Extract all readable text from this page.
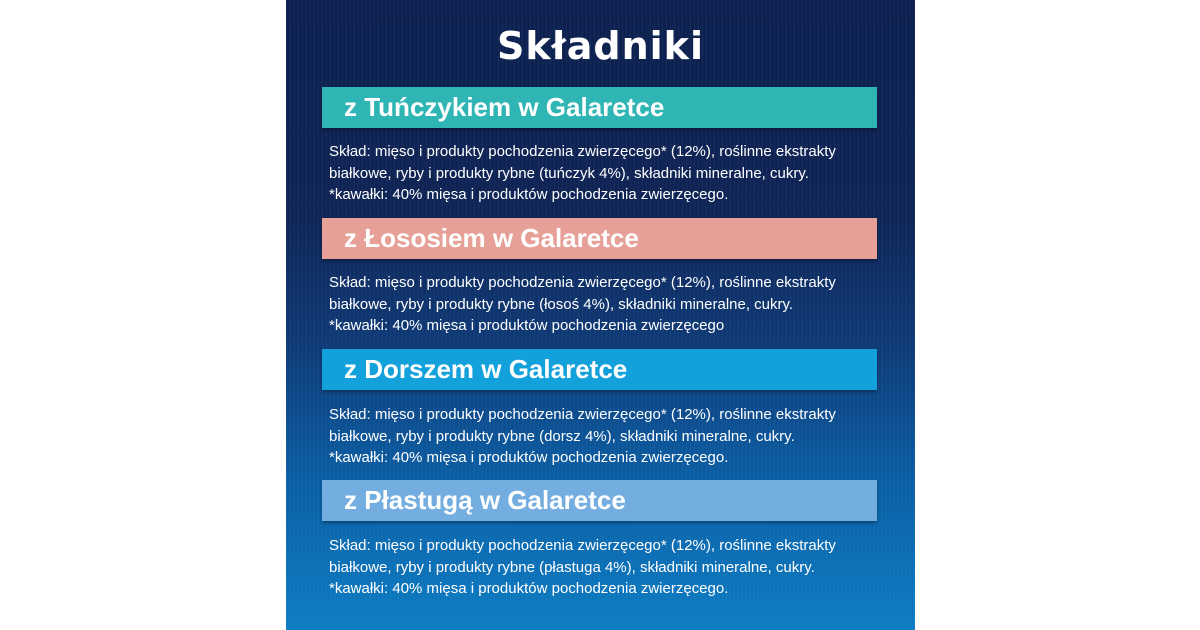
Składniki
z Tuńczykiem w Galaretce

Skład: mięso i produkty pochodzenia zwierzęcego* (12%), roślinne ekstrakty

białkowe, ryby i produkty rybne (tuńczyk 4%), składniki mineralne, cukry.

*kawałki: 40% mięsa i produktów pochodzenia zwierzęcego.

z Łososiem w Galaretce

Skład: mięso i produkty pochodzenia zwierzęcego* (12%), roślinne ekstrakty

białkowe, ryby i produkty rybne (łosoś 4%), składniki mineralne, cukry.

*kawałki: 40% mięsa i produktów pochodzenia zwierzęcego

z Dorszem w Galaretce

Skład: mięso i produkty pochodzenia zwierzęcego* (12%), roślinne ekstrakty

białkowe, ryby i produkty rybne (dorsz 4%), składniki mineralne, cukry.

*kawałki: 40% mięsa i produktów pochodzenia zwierzęcego.

z Płastugą w Galaretce

Skład: mięso i produkty pochodzenia zwierzęcego* (12%), roślinne ekstrakty

białkowe, ryby i produkty rybne (płastuga 4%), składniki mineralne, cukry.

*kawałki: 40% mięsa i produktów pochodzenia zwierzęcego.
